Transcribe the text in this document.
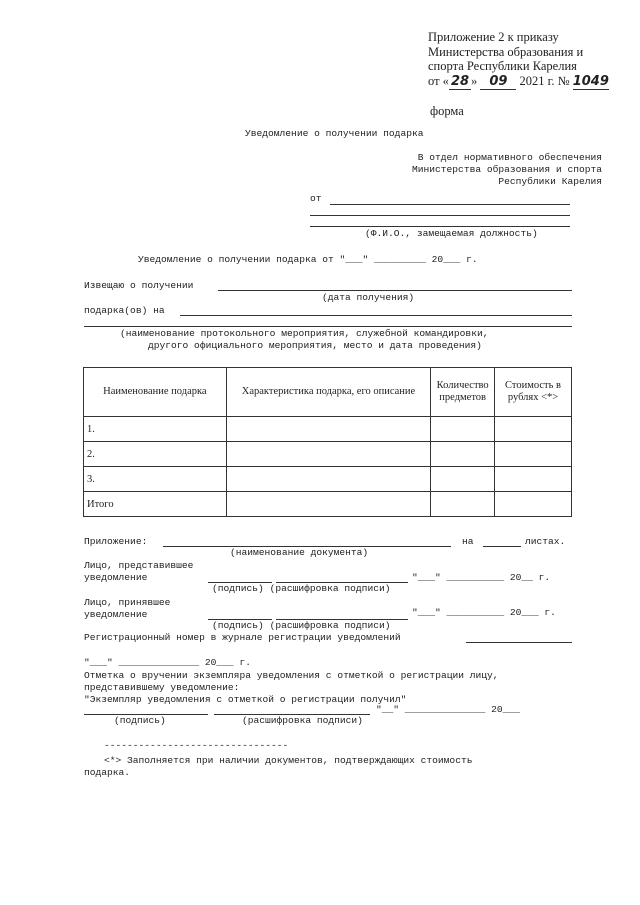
Приложение 2 к приказу
Министерства образования и
спорта Республики Карелия
от « 28 » 09 2021 г. № 1049
форма
Уведомление о получении подарка
В отдел нормативного обеспечения
Министерства образования и спорта
Республики Карелия
от
(Ф.И.О., замещаемая должность)
Уведомление о получении подарка от "___" _________ 20___ г.
Извещаю о получении
(дата получения)
подарка(ов) на
(наименование протокольного мероприятия, служебной командировки,
другого официального мероприятия, место и дата проведения)
Наименование подарка	Характеристика подарка, его описание	Количество предметов	Стоимость в рублях <*>
1.			
2.			
3.			
Итого			
Приложение:	на	листах.
(наименование документа)
Лицо, представившее
уведомление	"___" __________ 20__ г.
(подпись) (расшифровка подписи)
Лицо, принявшее
уведомление	"___" __________ 20___ г.
(подпись) (расшифровка подписи)
Регистрационный номер в журнале регистрации уведомлений
"___" ______________ 20___ г.
Отметка о вручении экземпляра уведомления с отметкой о регистрации лицу,
представившему уведомление:
"Экземпляр уведомления с отметкой о регистрации получил"
"__" ______________ 20___
(подпись)	(расшифровка подписи)
--------------------------------
<*> Заполняется при наличии документов, подтверждающих стоимость
подарка.
